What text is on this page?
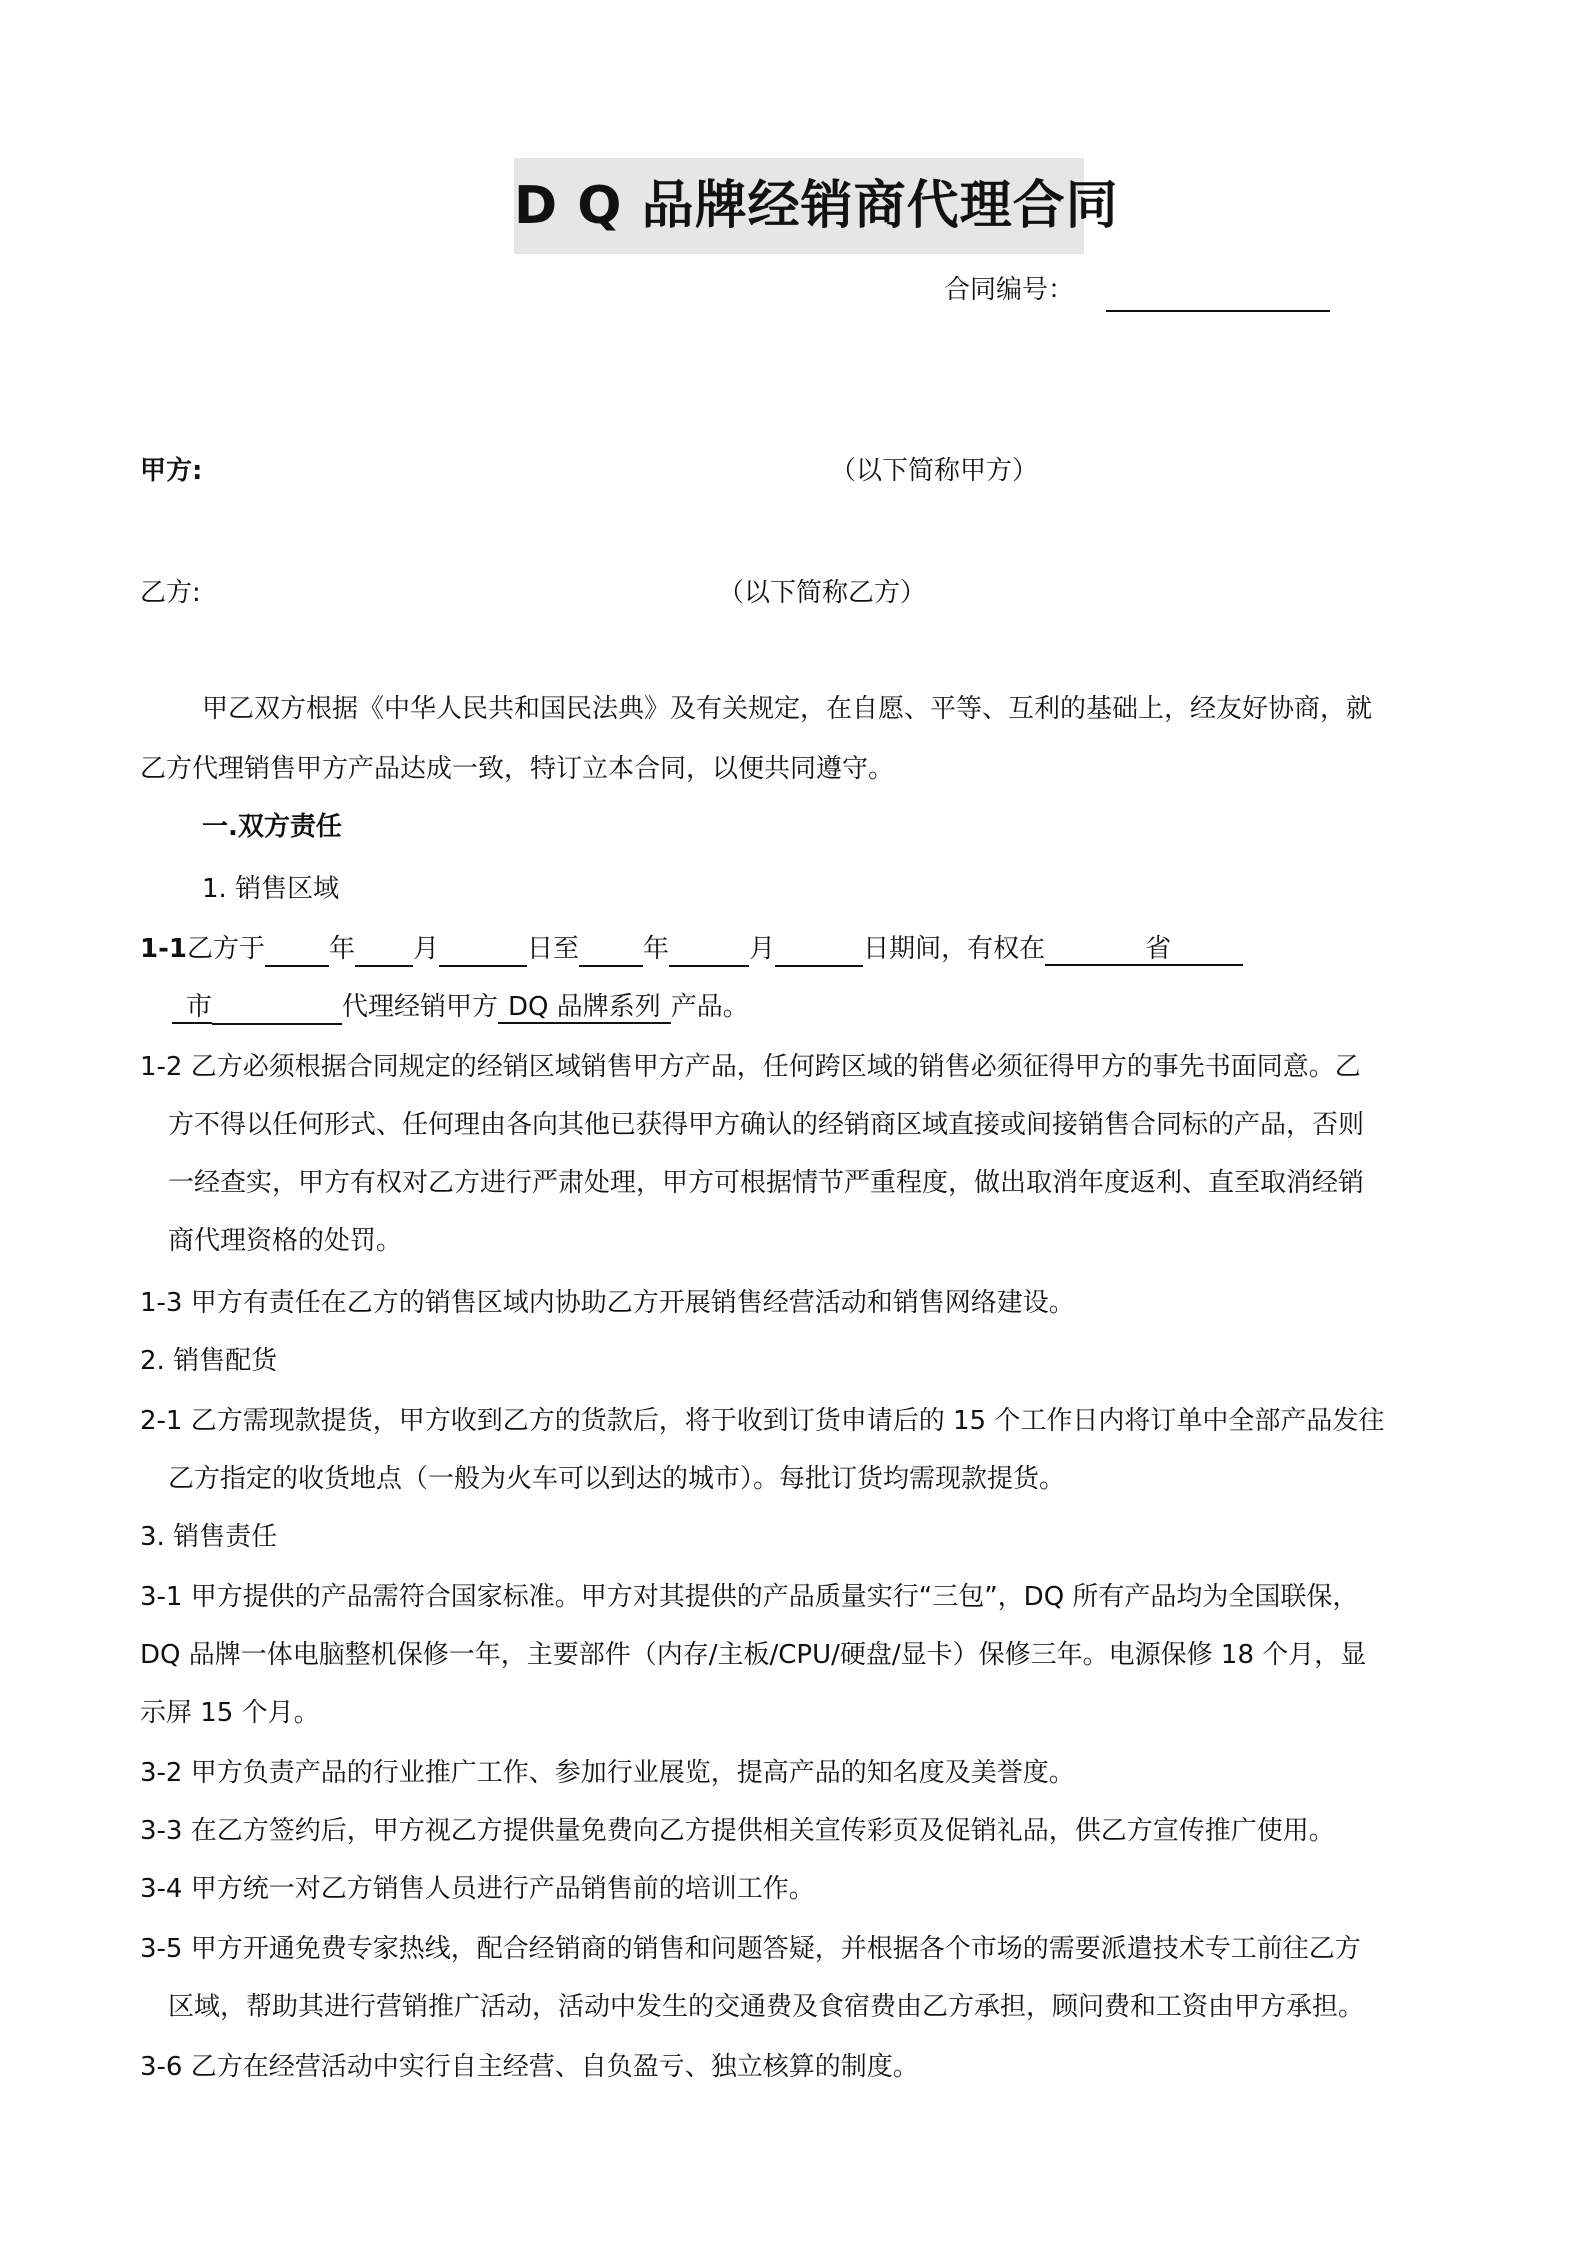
D Q 品牌经销商代理合同
合同编号：
甲方:	（以下简称甲方）
乙方:	（以下简称乙方）
甲乙双方根据《中华人民共和国民法典》及有关规定，在自愿、平等、互利的基础上，经友好协商，就
乙方代理销售甲方产品达成一致，特订立本合同，以便共同遵守。
一.双方责任
1. 销售区域
1-1乙方于 年 月	日至 年	月	日期间，有权在	省
市	代理经销甲方 DQ 品牌系列 产品。
1-2 乙方必须根据合同规定的经销区域销售甲方产品，任何跨区域的销售必须征得甲方的事先书面同意。乙
方不得以任何形式、任何理由各向其他已获得甲方确认的经销商区域直接或间接销售合同标的产品，否则
一经查实，甲方有权对乙方进行严肃处理，甲方可根据情节严重程度，做出取消年度返利、直至取消经销
商代理资格的处罚。
1-3 甲方有责任在乙方的销售区域内协助乙方开展销售经营活动和销售网络建设。
2. 销售配货
2-1 乙方需现款提货，甲方收到乙方的货款后，将于收到订货申请后的 15 个工作日内将订单中全部产品发往
乙方指定的收货地点（一般为火车可以到达的城市）。每批订货均需现款提货。
3. 销售责任
3-1 甲方提供的产品需符合国家标准。甲方对其提供的产品质量实行“三包”，DQ 所有产品均为全国联保，
DQ 品牌一体电脑整机保修一年，主要部件（内存/主板/CPU/硬盘/显卡）保修三年。电源保修 18 个月，显
示屏 15 个月。
3-2 甲方负责产品的行业推广工作、参加行业展览，提高产品的知名度及美誉度。
3-3 在乙方签约后，甲方视乙方提供量免费向乙方提供相关宣传彩页及促销礼品，供乙方宣传推广使用。
3-4 甲方统一对乙方销售人员进行产品销售前的培训工作。
3-5 甲方开通免费专家热线，配合经销商的销售和问题答疑，并根据各个市场的需要派遣技术专工前往乙方
区域，帮助其进行营销推广活动，活动中发生的交通费及食宿费由乙方承担，顾问费和工资由甲方承担。
3-6 乙方在经营活动中实行自主经营、自负盈亏、独立核算的制度。
